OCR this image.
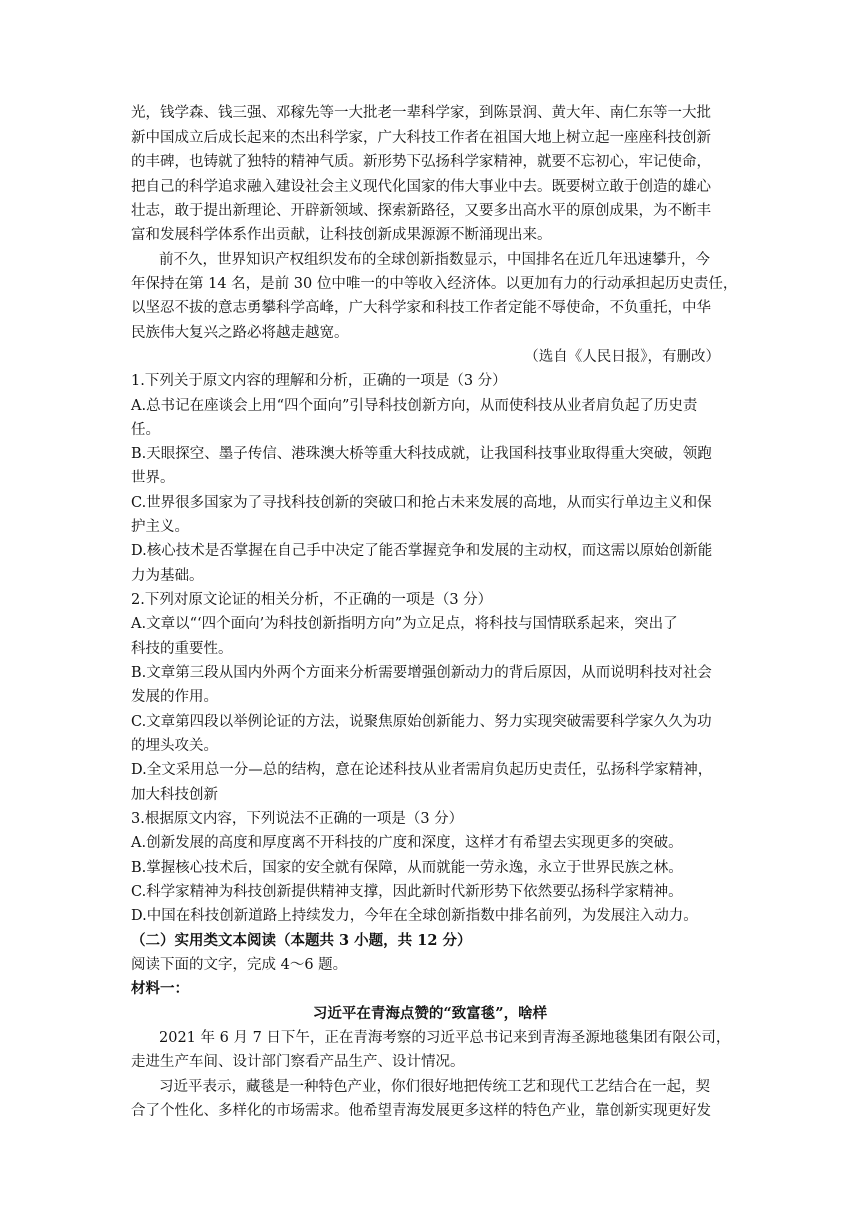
光，钱学森、钱三强、邓稼先等一大批老一辈科学家，到陈景润、黄大年、南仁东等一大批
新中国成立后成长起来的杰出科学家，广大科技工作者在祖国大地上树立起一座座科技创新
的丰碑，也铸就了独特的精神气质。新形势下弘扬科学家精神，就要不忘初心，牢记使命，
把自己的科学追求融入建设社会主义现代化国家的伟大事业中去。既要树立敢于创造的雄心
壮志，敢于提出新理论、开辟新领域、探索新路径，又要多出高水平的原创成果，为不断丰
富和发展科学体系作出贡献，让科技创新成果源源不断涌现出来。
前不久，世界知识产权组织发布的全球创新指数显示，中国排名在近几年迅速攀升，今
年保持在第 14 名，是前 30 位中唯一的中等收入经济体。以更加有力的行动承担起历史责任，
以坚忍不拔的意志勇攀科学高峰，广大科学家和科技工作者定能不辱使命，不负重托，中华
民族伟大复兴之路必将越走越宽。
（选自《人民日报》，有删改）
1.下列关于原文内容的理解和分析，正确的一项是（3 分）
A.总书记在座谈会上用“四个面向”引导科技创新方向，从而使科技从业者肩负起了历史责
任。
B.天眼探空、墨子传信、港珠澳大桥等重大科技成就，让我国科技事业取得重大突破，领跑
世界。
C.世界很多国家为了寻找科技创新的突破口和抢占未来发展的高地，从而实行单边主义和保
护主义。
D.核心技术是否掌握在自己手中决定了能否掌握竞争和发展的主动权，而这需以原始创新能
力为基础。
2.下列对原文论证的相关分析，不正确的一项是（3 分）
A.文章以“‘四个面向’为科技创新指明方向”为立足点，将科技与国情联系起来，突出了
科技的重要性。
B.文章第三段从国内外两个方面来分析需要增强创新动力的背后原因，从而说明科技对社会
发展的作用。
C.文章第四段以举例论证的方法，说聚焦原始创新能力、努力实现突破需要科学家久久为功
的埋头攻关。
D.全文采用总一分—总的结构，意在论述科技从业者需肩负起历史责任，弘扬科学家精神，
加大科技创新
3.根据原文内容，下列说法不正确的一项是（3 分）
A.创新发展的高度和厚度离不开科技的广度和深度，这样才有希望去实现更多的突破。
B.掌握核心技术后，国家的安全就有保障，从而就能一劳永逸，永立于世界民族之林。
C.科学家精神为科技创新提供精神支撑，因此新时代新形势下依然要弘扬科学家精神。
D.中国在科技创新道路上持续发力，今年在全球创新指数中排名前列，为发展注入动力。
（二）实用类文本阅读（本题共 3 小题，共 12 分）
阅读下面的文字，完成 4～6 题。
材料一：
习近平在青海点赞的“致富毯”，啥样
2021 年 6 月 7 日下午，正在青海考察的习近平总书记来到青海圣源地毯集团有限公司，
走进生产车间、设计部门察看产品生产、设计情况。
习近平表示，藏毯是一种特色产业，你们很好地把传统工艺和现代工艺结合在一起，契
合了个性化、多样化的市场需求。他希望青海发展更多这样的特色产业，靠创新实现更好发
